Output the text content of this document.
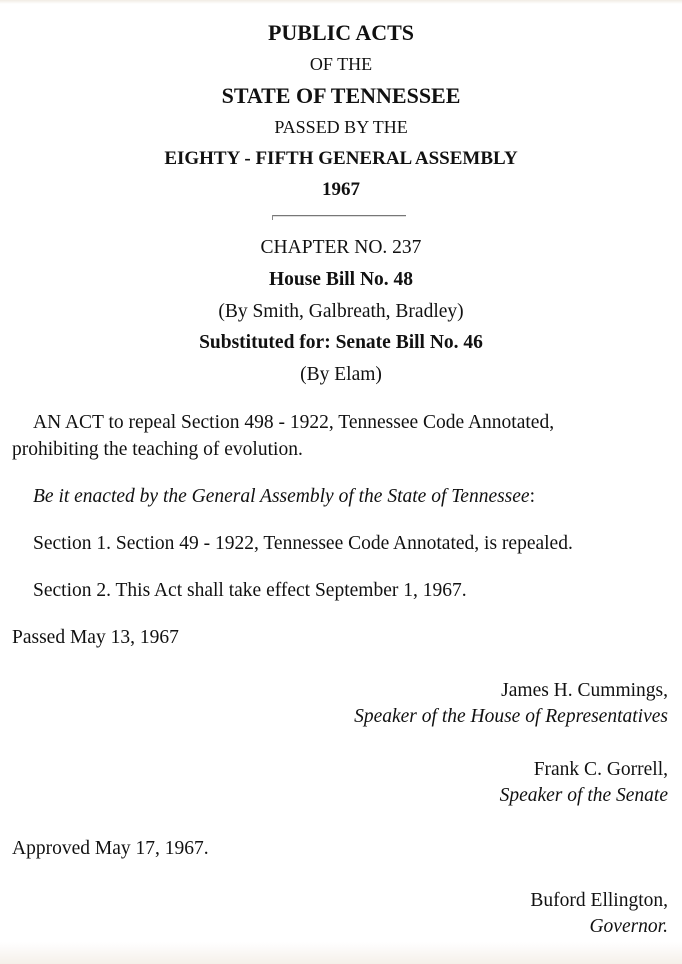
PUBLIC ACTS
OF THE
STATE OF TENNESSEE
PASSED BY THE
EIGHTY - FIFTH GENERAL ASSEMBLY
1967
CHAPTER NO. 237
House Bill No. 48
(By Smith, Galbreath, Bradley)
Substituted for: Senate Bill No. 46
(By Elam)
AN ACT to repeal Section 498 - 1922, Tennessee Code Annotated,
prohibiting the teaching of evolution.
Be it enacted by the General Assembly of the State of Tennessee:
Section 1. Section 49 - 1922, Tennessee Code Annotated, is repealed.
Section 2. This Act shall take effect September 1, 1967.
Passed May 13, 1967
James H. Cummings,
Speaker of the House of Representatives
Frank C. Gorrell,
Speaker of the Senate
Approved May 17, 1967.
Buford Ellington,
Governor.
